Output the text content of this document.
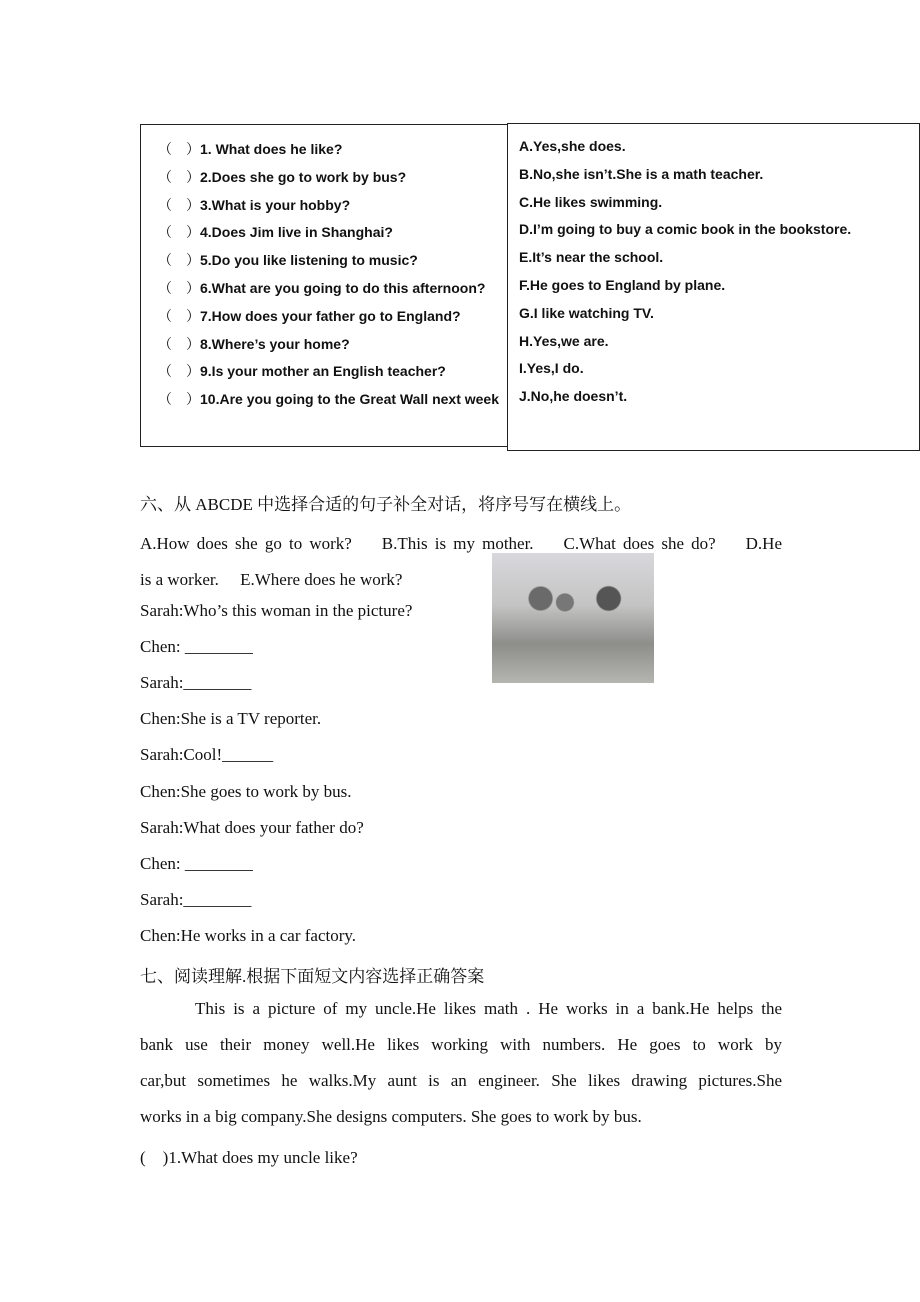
六、从 ABCDE 中选择合适的句子补全对话，将序号写在横线上。
A.How does she go to work?　 B.This is my mother.　 C.What does she do?　 D.He
is a worker.　 E.Where does he work?
七、阅读理解.根据下面短文内容选择正确答案
(　)1.What does my uncle like?
（　）1. What does he like?
（　）2.Does she go to work by bus?
（　）3.What is your hobby?
（　）4.Does Jim live in Shanghai?
（　）5.Do you like listening to music?
（　）6.What are you going to do this afternoon?
（　）7.How does your father go to England?
（　）8.Where’s your home?
（　）9.Is your mother an English teacher?
（　）10.Are you going to the Great Wall next week
A.Yes,she does.
B.No,she isn’t.She is a math teacher.
C.He likes swimming.
D.I’m going to buy a comic book in the bookstore.
E.It’s near the school.
F.He goes to England by plane.
G.I like watching TV.
H.Yes,we are.
I.Yes,I do.
J.No,he doesn’t.
Sarah:Who’s this woman in the picture?
Chen: ________
Sarah:________
Chen:She is a TV reporter.
Sarah:Cool!______
Chen:She goes to work by bus.
Sarah:What does your father do?
Chen: ________
Sarah:________
Chen:He works in a car factory.
This is a picture of my uncle.He likes math . He works in a bank.He helps the
bank use their money well.He likes working with numbers. He goes to work by
car,but sometimes he walks.My aunt is an engineer. She likes drawing pictures.She
works in a big company.She designs computers. She goes to work by bus.
